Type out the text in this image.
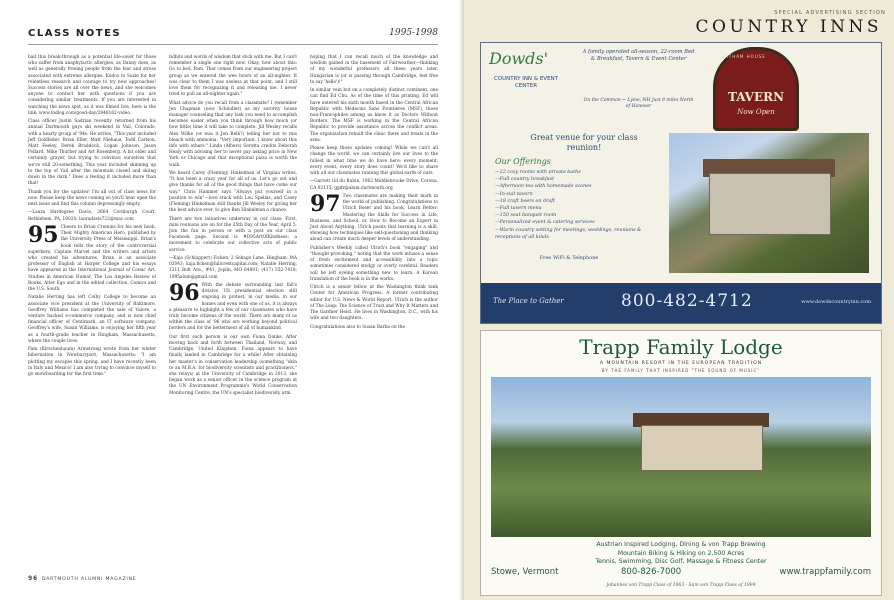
CLASS NOTES	1995-1998

bail this break-through as a potential life-saver for those who suffer from anaphylactic allergies, as Danny does, as well as generally freeing people from the fear and stress associated with extreme allergies. Kudos to Suzie for her relentless research and courage to try new approaches! Success stories are all over the news, and she welcomes anyone to contact her with questions if you are considering similar treatments. If you are interested in watching the news spot, as it was filmed live, here is the link: www.fodlog.com/good-day/2848162-video.

Class officer Justin Sadrian recently returned from his annual Dartmouth guys ski weekend in Vail, Colorado, with a hearty group of '94s. He writes, "This year included Jeff Goldfeder, Brian Eller, Matt Niehaus, Todd Carlson, Matt Feeley, Derek Braddock, Logan Johnson, Jason Pollard, Mike Thurber and Art Rosenberg. A bit older and certainly grayer, but trying to convince ourselves that we're still 20-something. This year included skinning up to the top of Vail after the mountain closed and skiing down in the dark." Does a feeling it included more than that!

Thank you for the updates! I'm all out of class news for now. Please keep the news coming so you'll hear open the next issue and find this column depressingly empty.

—Laura Hardegree Davis, 3664 Cornburgh Court, Bethlehem, PA, 18020; lauradavis722@mac.com

95 Cheers to Brian Cremins for his new book, Their Mighty American Hero, published by the University Press of Mississippi. Brian's book tells the story of the controversial superhero, Captain Marvel and the writers and artists who created his adventures. Brian is an associate professor of English at Harper College and his essays have appeared in the International Journal of Comic Art, Studies in American Humor, The Los Angeles Review of Books, Alter Ego and in the edited collection, Comics and the U.S. South.

Natalie Herring has left Colby College to become an associate vice president at the University of Baltimore. Geoffrey Williams has completed the sale of Valore, a venture backed e-commerce company, and is now chief financial officer of Centimark, an IT software company. Geoffrey's wife, Susan Williams, is enjoying her fifth year as a fourth-grade teacher in Hingham, Massachusetts, where the couple lives.

Pam (Kirschenbaum) Armstrong wrote from her winter hibernation in Newburyport, Massachusetts: "I am plotting my escapes this spring, and I have recently been in Italy and Mexico! I am also trying to convince myself to go snowboarding for the first time."

tidbits and words of wisdom that stick with me. But I can't remember a single one right now. Okay, how about this: Go to bed, Pam. That comes from our engineering project group as we entered the wee hours of an all-nighter. It was clear to them I was useless at that point, and I still love them for recognizing it and releasing me. I never tried to pull an all-nighter again."

What advice do you recall from a classmate? I remember Jen Chapman (now Schindler) as my sorority house manager counseling that any task you need to accomplish becomes easier when you think through how much (or how little) time it will take to complete. Jill Wesley recalls Alex Wilke (or was it Jen Belk?) telling her not to mix bleach with ammonia. "Very important. I know about this info with others." Linda (Albers) Serotta credits Deborah Healy with advising her to never pay asking price in New York or Chicago and that exceptional pizza is worth the walk.

We heard Carey (Fleming) Hinkelman of Virginia writes, "It has been a crazy year for all of us. Let's go out and give thanks for all of the good things that have come our way." Chris Hammer says "Always put yourself in a position to win"—love stuck with Lou Spellas, and Casey (Fleming) Hinkelman still thanks Jill Wesley for giving her the best advice ever, to give Ben Hinkelman a chance.

There are two initiatives underway in our class: First, mini reunions are on for the 25th Day of the Year, April 5. Join the fun in person or with a post on our class Facebook page. Second is #D95ArtOfKindness: a movement to celebrate our collective acts of public service.

—Kaja (Schlappert) Ficken, 2 Sebago Lane, Hingham, MA 02043; kaja.ficken@hillcrestcapital.com; Natalie Herring, 1311 Bolt Ave., #41, Joplin, MO 64801; (417) 552-7418; 1995alum@gmail.com

96 With the debate surrounding last fall's divisive US presidential election still ongoing in protest, in our media, in our homes and even with one of us, it is always a pleasure to highlight a few of our classmates who have truly become citizens of the world. There are many of us within the class of '96 who are working beyond political borders and for the betterment of all of humankind.

Our first such person is our own Fiona Danks. After moving back and forth between Thailand, Norway, and Cambridge, United Kingdom, Fiona appears to have finally landed in Cambridge for a while! After obtaining her master's in conservation leadership (something "akin to an M.B.A. for biodiversity scientists and practitioners," she relays) at the University of Cambridge in 2013, she began work as a senior officer in the science program at the UN Environment Programme's World Conservation Monitoring Centre, the UN's specialist biodiversity arm.

hoping that I can recall much of the knowledge and wisdom gained in the basement of Fairweather—thinking of my wonderful professors all these years later. Hungarian is (or is passing through Cambridge, feel free to say 'hello')!"

In similar vein but on a completely distinct continent, one can find Ed Chu. As of the time of this printing, Ed will have entered his sixth month based in the Central African Republic with Médecins Sans Frontières (MSF), those non-Francophiles among us know it as Doctors Without Borders. The MSF is working in the Central African Republic to provide assistance across the conflict areas. The organization rebuilt the clinic there and treats in the area.

Please keep those updates coming! While we can't all change the world, we can certainly live our lives to the fullest in what time we do have here: every moment, every event, every story does count! We'd like to share with all our classmates running this global earth of ours.

—Garrett Gil du Rubin, 1062 Middlebrooke Drive, Corona, CA 92115; ggdr@alum.dartmouth.org

97 Two classmates are making their mark in the world of publishing. Congratulations to Ulrich Boser and his book, Learn Better: Mastering the Skills for Success in Life, Business, and School, or, How to Become an Expert in Just About Anything. Ulrich posits that learning is a skill, showing how techniques like self-questioning and thinking aloud can create much deeper levels of understanding.

Publisher's Weekly called Ulrich's book "engaging" and "thought-provoking," noting that the work infuses a sense of fresh excitement and accessibility into a topic sometimes considered stodgy or overly cerebral. Readers will be left eyeing something new to learn. A Korean translation of the book is in the works.

Ulrich is a senior fellow at the Washington think tank Center for American Progress. A former contributing editor for U.S. News & World Report, Ulrich is the author of The Leap: The Science of Trust and Why It Matters and The Gardner Heist. He lives in Washington, D.C., with his wife and two daughters.

Congratulations also to Susan Barba on the

96 DARTMOUTH ALUMNI MAGAZINE
SPECIAL ADVERTISING SECTION
COUNTRY INNS
Dowds'
COUNTRY INN & EVENT CENTER
A family operated all-season, 22-room Bed & Breakfast, Tavern & Event Center
On the Common ~ Lyme, NH Just 8 miles North of Hanover
LATHAM HOUSE
TAVERN
Now Open
Great venue for your class reunion!
Our Offerings
— 22 cozy rooms with private baths
— Full country breakfast
— Afternoon tea with homemade scones
— In-suit tavern
— 18 craft beers on draft
— Full tavern menu
— 150 seat banquet room
— Personalized event & catering services
— Warm country setting for meetings, weddings, reunions & receptions of all kinds
Free WiFi & Telephone
The Place to Gather	800-482-4712	www.dowdscountryinn.com
Trapp Family Lodge
A MOUNTAIN RESORT IN THE EUROPEAN TRADITION
BY THE FAMILY THAT INSPIRED "THE SOUND OF MUSIC"
Austrian Inspired Lodging, Dining & von Trapp Brewing
Mountain Biking & Hiking on 2,500 Acres
Tennis, Swimming, Disc Golf, Massage & Fitness Center
Stowe, Vermont	800-826-7000	www.trappfamily.com
Johannes von Trapp Class of 1963 · Sam von Trapp Class of 1994
